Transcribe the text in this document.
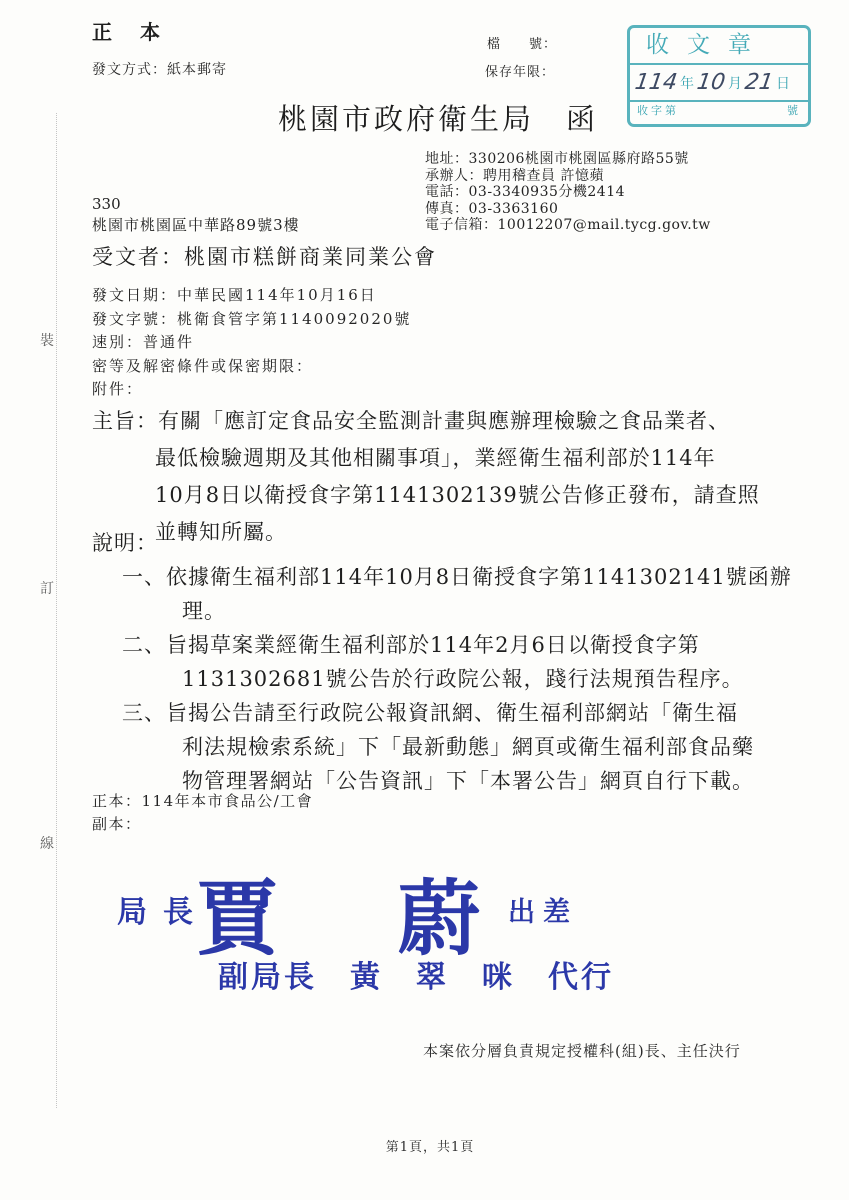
正　本
發文方式：紙本郵寄
檔　　號：
保存年限：
收文章
114 年 10 月 21 日
收字第	號
桃園市政府衛生局　函
地址：330206桃園市桃園區縣府路55號
承辦人：聘用稽查員 許憶蘋
電話：03-3340935分機2414
傳真：03-3363160
電子信箱：10012207@mail.tycg.gov.tw
330
桃園市桃園區中華路89號3樓
受文者：桃園市糕餅商業同業公會
發文日期：中華民國114年10月16日
發文字號：桃衛食管字第1140092020號
速別：普通件
密等及解密條件或保密期限：
附件：
主旨：有關「應訂定食品安全監測計畫與應辦理檢驗之食品業者、
最低檢驗週期及其他相關事項」，業經衛生福利部於114年
10月8日以衛授食字第1141302139號公告修正發布，請查照
並轉知所屬。
說明：
一、依據衛生福利部114年10月8日衛授食字第1141302141號函辦
理。
二、旨揭草案業經衛生福利部於114年2月6日以衛授食字第
1131302681號公告於行政院公報，踐行法規預告程序。
三、旨揭公告請至行政院公報資訊網、衛生福利部網站「衛生福
利法規檢索系統」下「最新動態」網頁或衛生福利部食品藥
物管理署網站「公告資訊」下「本署公告」網頁自行下載。
正本：114年本市食品公/工會
副本：
局長
賈 蔚 出差
副局長　黃　翠　咪　代行
本案依分層負責規定授權科(組)長、主任決行
第1頁，共1頁
裝
訂
線
